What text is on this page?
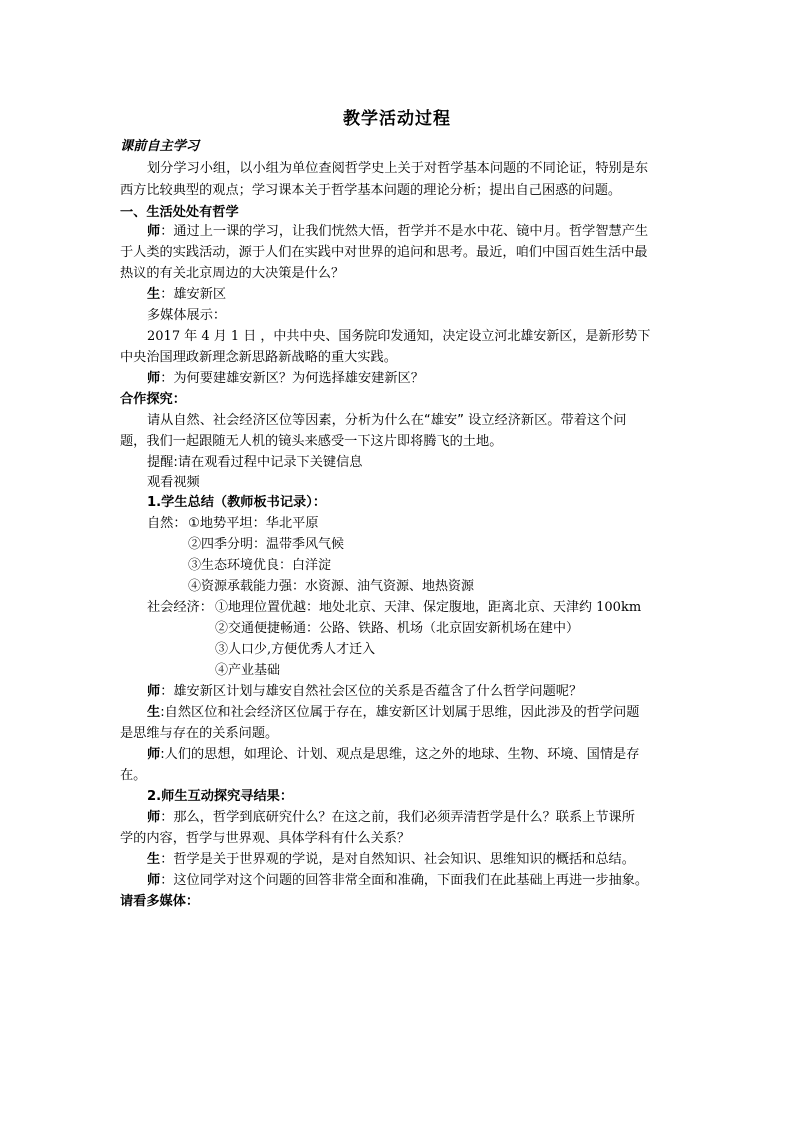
教学活动过程
课前自主学习
划分学习小组，以小组为单位查阅哲学史上关于对哲学基本问题的不同论证，特别是东
西方比较典型的观点；学习课本关于哲学基本问题的理论分析；提出自己困惑的问题。
一、生活处处有哲学
师：通过上一课的学习，让我们恍然大悟，哲学并不是水中花、镜中月。哲学智慧产生
于人类的实践活动，源于人们在实践中对世界的追问和思考。最近，咱们中国百姓生活中最
热议的有关北京周边的大决策是什么？
生：雄安新区
多媒体展示：
2017 年 4 月 1 日 ，中共中央、国务院印发通知，决定设立河北雄安新区，是新形势下
中央治国理政新理念新思路新战略的重大实践。
师：为何要建雄安新区？为何选择雄安建新区？
合作探究：
请从自然、社会经济区位等因素，分析为什么在“雄安” 设立经济新区。带着这个问
题，我们一起跟随无人机的镜头来感受一下这片即将腾飞的土地。
提醒:请在观看过程中记录下关键信息
观看视频
1.学生总结（教师板书记录）：
自然： ①地势平坦：华北平原
②四季分明：温带季风气候
③生态环境优良：白洋淀
④资源承载能力强：水资源、油气资源、地热资源
社会经济： ①地理位置优越：地处北京、天津、保定腹地，距离北京、天津约 100km
②交通便捷畅通：公路、铁路、机场（北京固安新机场在建中）
③人口少,方便优秀人才迁入
④产业基础
师：雄安新区计划与雄安自然社会区位的关系是否蕴含了什么哲学问题呢？
生:自然区位和社会经济区位属于存在，雄安新区计划属于思维，因此涉及的哲学问题
是思维与存在的关系问题。
师:人们的思想，如理论、计划、观点是思维，这之外的地球、生物、环境、国情是存
在。
2.师生互动探究寻结果：
师：那么，哲学到底研究什么？在这之前，我们必须弄清哲学是什么？联系上节课所
学的内容，哲学与世界观、具体学科有什么关系？
生：哲学是关于世界观的学说，是对自然知识、社会知识、思维知识的概括和总结。
师：这位同学对这个问题的回答非常全面和准确，下面我们在此基础上再进一步抽象。
请看多媒体：
